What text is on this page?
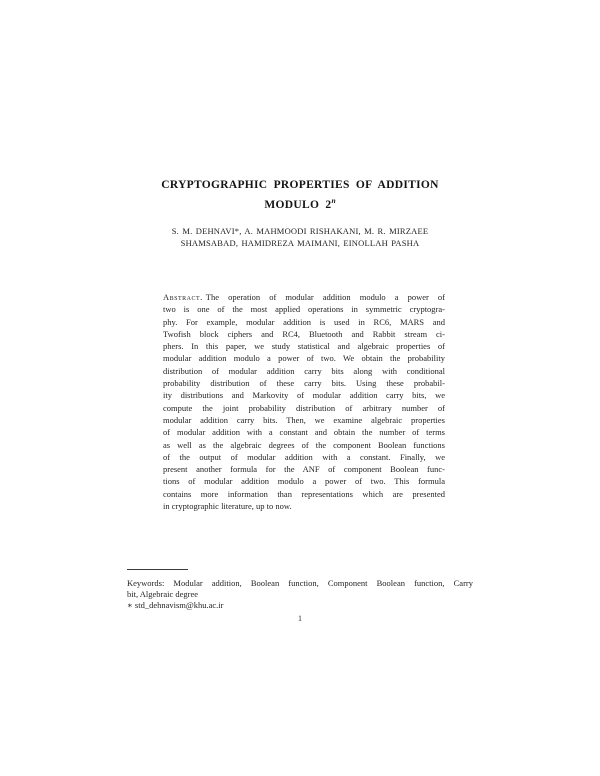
CRYPTOGRAPHIC PROPERTIES OF ADDITION
MODULO 2$^n$
S. M. DEHNAVI*, A. MAHMOODI RISHAKANI, M. R. MIRZAEE
SHAMSABAD, HAMIDREZA MAIMANI, EINOLLAH PASHA
Abstract. The operation of modular addition modulo a power of
two is one of the most applied operations in symmetric cryptogra-
phy. For example, modular addition is used in RC6, MARS and
Twofish block ciphers and RC4, Bluetooth and Rabbit stream ci-
phers. In this paper, we study statistical and algebraic properties of
modular addition modulo a power of two. We obtain the probability
distribution of modular addition carry bits along with conditional
probability distribution of these carry bits. Using these probabil-
ity distributions and Markovity of modular addition carry bits, we
compute the joint probability distribution of arbitrary number of
modular addition carry bits. Then, we examine algebraic properties
of modular addition with a constant and obtain the number of terms
as well as the algebraic degrees of the component Boolean functions
of the output of modular addition with a constant. Finally, we
present another formula for the ANF of component Boolean func-
tions of modular addition modulo a power of two. This formula
contains more information than representations which are presented
in cryptographic literature, up to now.
Keywords: Modular addition, Boolean function, Component Boolean function, Carry
bit, Algebraic degree
∗ std_dehnavism@khu.ac.ir
1
